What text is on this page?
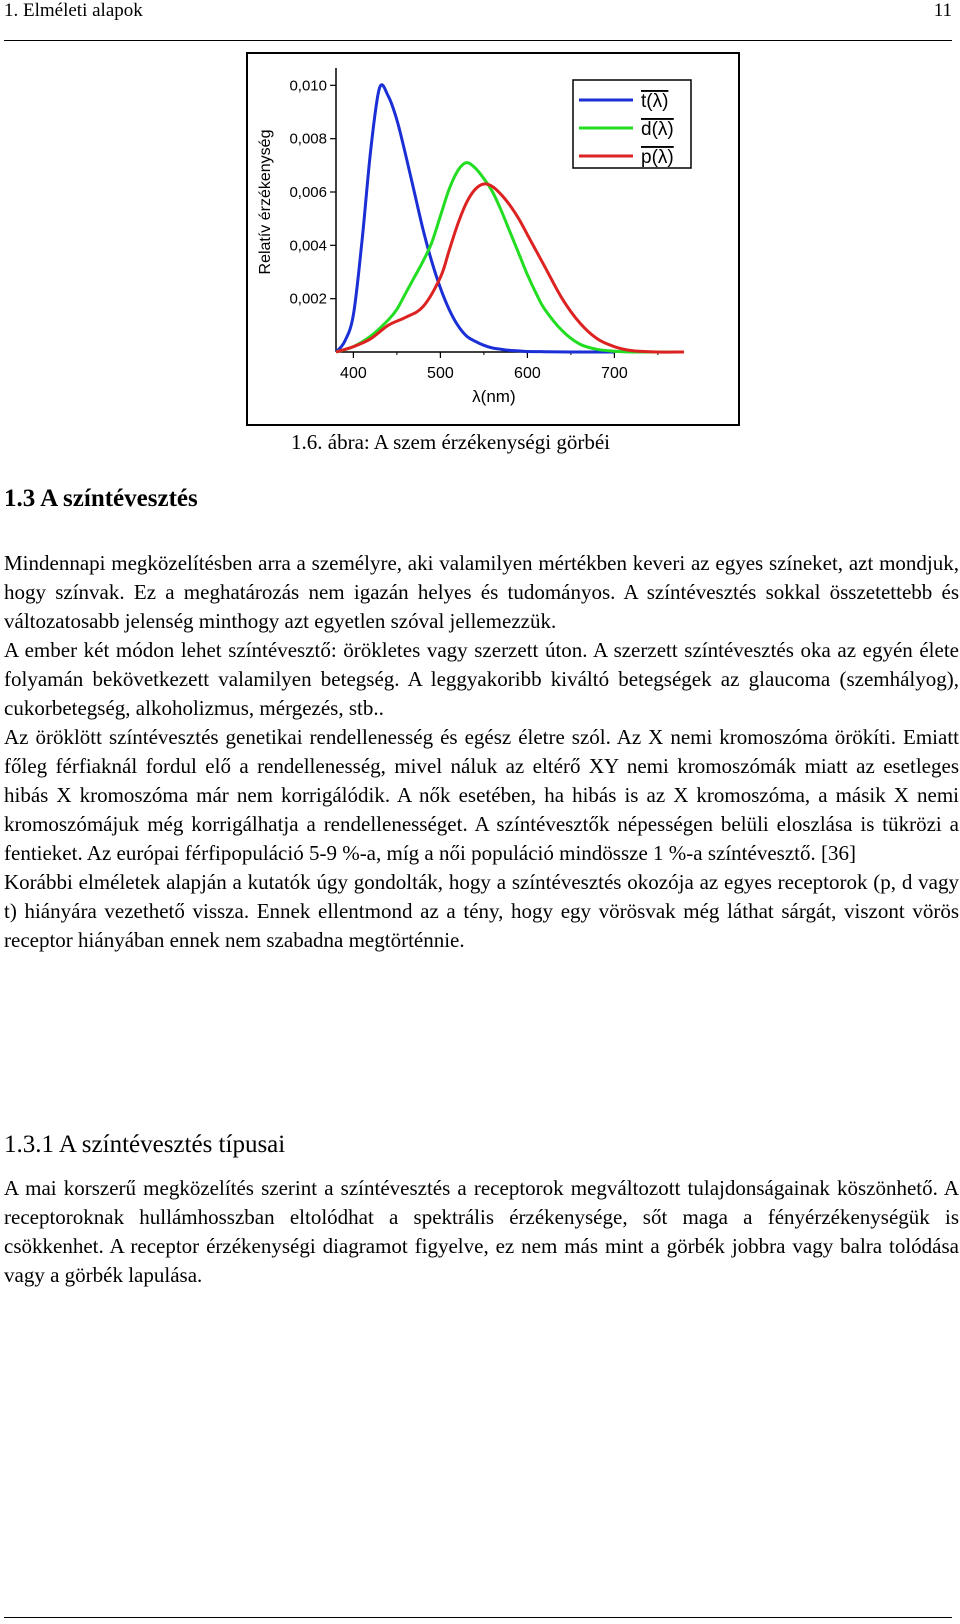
1. Elméleti alapok	11
400	500	600	700
0,002
0,004
0,006
0,008
0,010
λ(nm)
Relatív érzékenység
t(λ)
d(λ)
p(λ)
1.6. ábra: A szem érzékenységi görbéi
1.3 A színtévesztés
Mindennapi megközelítésben arra a személyre, aki valamilyen mértékben keveri az egyes színeket, azt mondjuk, hogy színvak. Ez a meghatározás nem igazán helyes és tudományos. A színtévesztés sokkal összetettebb és változatosabb jelenség minthogy azt egyetlen szóval jellemezzük.
A ember két módon lehet színtévesztő: örökletes vagy szerzett úton. A szerzett színtévesztés oka az egyén élete folyamán bekövetkezett valamilyen betegség. A leggyakoribb kiváltó betegségek az glaucoma (szemhályog), cukorbetegség, alkoholizmus, mérgezés, stb..
Az öröklött színtévesztés genetikai rendellenesség és egész életre szól. Az X nemi kromoszóma örökíti. Emiatt főleg férfiaknál fordul elő a rendellenesség, mivel náluk az eltérő XY nemi kromoszómák miatt az esetleges hibás X kromoszóma már nem korrigálódik. A nők esetében, ha hibás is az X kromoszóma, a másik X nemi kromoszómájuk még korrigálhatja a rendellenességet. A színtévesztők népességen belüli eloszlása is tükrözi a fentieket. Az európai férfipopuláció 5-9 %-a, míg a női populáció mindössze 1 %-a színtévesztő. [36]
Korábbi elméletek alapján a kutatók úgy gondolták, hogy a színtévesztés okozója az egyes receptorok (p, d vagy t) hiányára vezethető vissza. Ennek ellentmond az a tény, hogy egy vörösvak még láthat sárgát, viszont vörös receptor hiányában ennek nem szabadna megtörténnie.
1.3.1 A színtévesztés típusai
A mai korszerű megközelítés szerint a színtévesztés a receptorok megváltozott tulajdonságainak köszönhető. A receptoroknak hullámhosszban eltolódhat a spektrális érzékenysége, sőt maga a fényérzékenységük is csökkenhet. A receptor érzékenységi diagramot figyelve, ez nem más mint a görbék jobbra vagy balra tolódása vagy a görbék lapulása.
